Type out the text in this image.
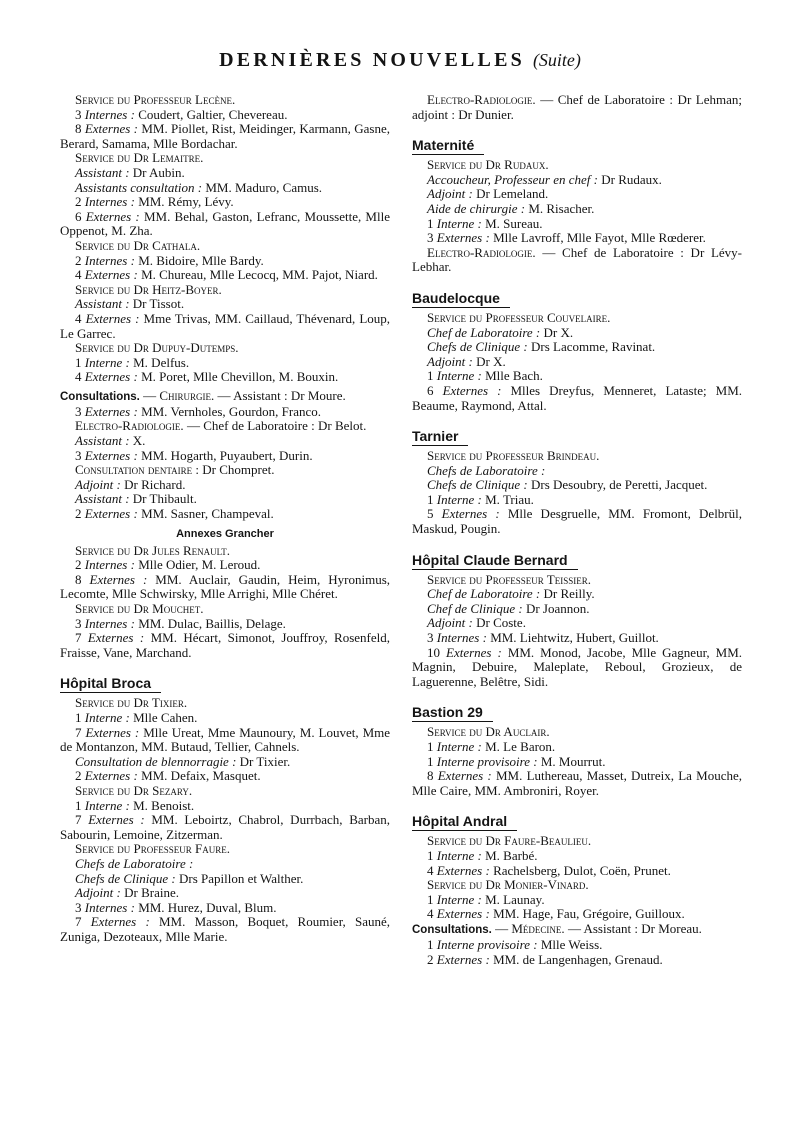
DERNIÈRES NOUVELLES (Suite)
Service du Professeur Lecène.
3 Internes : Coudert, Galtier, Chevereau.
8 Externes : MM. Piollet, Rist, Meidinger, Karmann, Gasne, Berard, Samama, Mlle Bordachar.
Service du Dr Lemaitre.
Assistant : Dr Aubin.
Assistants consultation : MM. Maduro, Camus.
2 Internes : MM. Rémy, Lévy.
6 Externes : MM. Behal, Gaston, Lefranc, Moussette, Mlle Oppenot, M. Zha.
Service du Dr Cathala.
2 Internes : M. Bidoire, Mlle Bardy.
4 Externes : M. Chureau, Mlle Lecocq, MM. Pajot, Niard.
Service du Dr Heitz-Boyer.
Assistant : Dr Tissot.
4 Externes : Mme Trivas, MM. Caillaud, Thévenard, Loup, Le Garrec.
Service du Dr Dupuy-Dutemps.
1 Interne : M. Delfus.
4 Externes : M. Poret, Mlle Chevillon, M. Bouxin.
Consultations. — Chirurgie. — Assistant : Dr Moure.
3 Externes : MM. Vernholes, Gourdon, Franco.
Electro-Radiologie. — Chef de Laboratoire : Dr Belot.
Assistant : X.
3 Externes : MM. Hogarth, Puyaubert, Durin.
Consultation dentaire : Dr Chompret.
Adjoint : Dr Richard.
Assistant : Dr Thibault.
2 Externes : MM. Sasner, Champeval.
Annexes Grancher
Service du Dr Jules Renault.
2 Internes : Mlle Odier, M. Leroud.
8 Externes : MM. Auclair, Gaudin, Heim, Hyronimus, Lecomte, Mlle Schwirsky, Mlle Arrighi, Mlle Chéret.
Service du Dr Mouchet.
3 Internes : MM. Dulac, Baillis, Delage.
7 Externes : MM. Hécart, Simonot, Jouffroy, Rosenfeld, Fraisse, Vane, Marchand.
Hôpital Broca
Service du Dr Tixier.
1 Interne : Mlle Cahen.
7 Externes : Mlle Ureat, Mme Maunoury, M. Louvet, Mme de Montanzon, MM. Butaud, Tellier, Cahnels.
Consultation de blennorragie : Dr Tixier.
2 Externes : MM. Defaix, Masquet.
Service du Dr Sezary.
1 Interne : M. Benoist.
7 Externes : MM. Leboirtz, Chabrol, Durrbach, Barban, Sabourin, Lemoine, Zitzerman.
Service du Professeur Faure.
Chefs de Laboratoire :
Chefs de Clinique : Drs Papillon et Walther.
Adjoint : Dr Braine.
3 Internes : MM. Hurez, Duval, Blum.
7 Externes : MM. Masson, Boquet, Roumier, Sauné, Zuniga, Dezoteaux, Mlle Marie.
Electro-Radiologie. — Chef de Laboratoire : Dr Lehman; adjoint : Dr Dunier.
Maternité
Service du Dr Rudaux.
Accoucheur, Professeur en chef : Dr Rudaux.
Adjoint : Dr Lemeland.
Aide de chirurgie : M. Risacher.
1 Interne : M. Sureau.
3 Externes : Mlle Lavroff, Mlle Fayot, Mlle Rœderer.
Electro-Radiologie. — Chef de Laboratoire : Dr Lévy-Lebhar.
Baudelocque
Service du Professeur Couvelaire.
Chef de Laboratoire : Dr X.
Chefs de Clinique : Drs Lacomme, Ravinat.
Adjoint : Dr X.
1 Interne : Mlle Bach.
6 Externes : Mlles Dreyfus, Menneret, Lataste; MM. Beaume, Raymond, Attal.
Tarnier
Service du Professeur Brindeau.
Chefs de Laboratoire :
Chefs de Clinique : Drs Desoubry, de Peretti, Jacquet.
1 Interne : M. Triau.
5 Externes : Mlle Desgruelle, MM. Fromont, Delbrül, Maskud, Pougin.
Hôpital Claude Bernard
Service du Professeur Teissier.
Chef de Laboratoire : Dr Reilly.
Chef de Clinique : Dr Joannon.
Adjoint : Dr Coste.
3 Internes : MM. Liehtwitz, Hubert, Guillot.
10 Externes : MM. Monod, Jacobe, Mlle Gagneur, MM. Magnin, Debuire, Maleplate, Reboul, Grozieux, de Laguerenne, Belêtre, Sidi.
Bastion 29
Service du Dr Auclair.
1 Interne : M. Le Baron.
1 Interne provisoire : M. Mourrut.
8 Externes : MM. Luthereau, Masset, Dutreix, La Mouche, Mlle Caire, MM. Ambroniri, Royer.
Hôpital Andral
Service du Dr Faure-Beaulieu.
1 Interne : M. Barbé.
4 Externes : Rachelsberg, Dulot, Coën, Prunet.
Service du Dr Monier-Vinard.
1 Interne : M. Launay.
4 Externes : MM. Hage, Fau, Grégoire, Guilloux.
Consultations. — Médecine. — Assistant : Dr Moreau.
1 Interne provisoire : Mlle Weiss.
2 Externes : MM. de Langenhagen, Grenaud.
